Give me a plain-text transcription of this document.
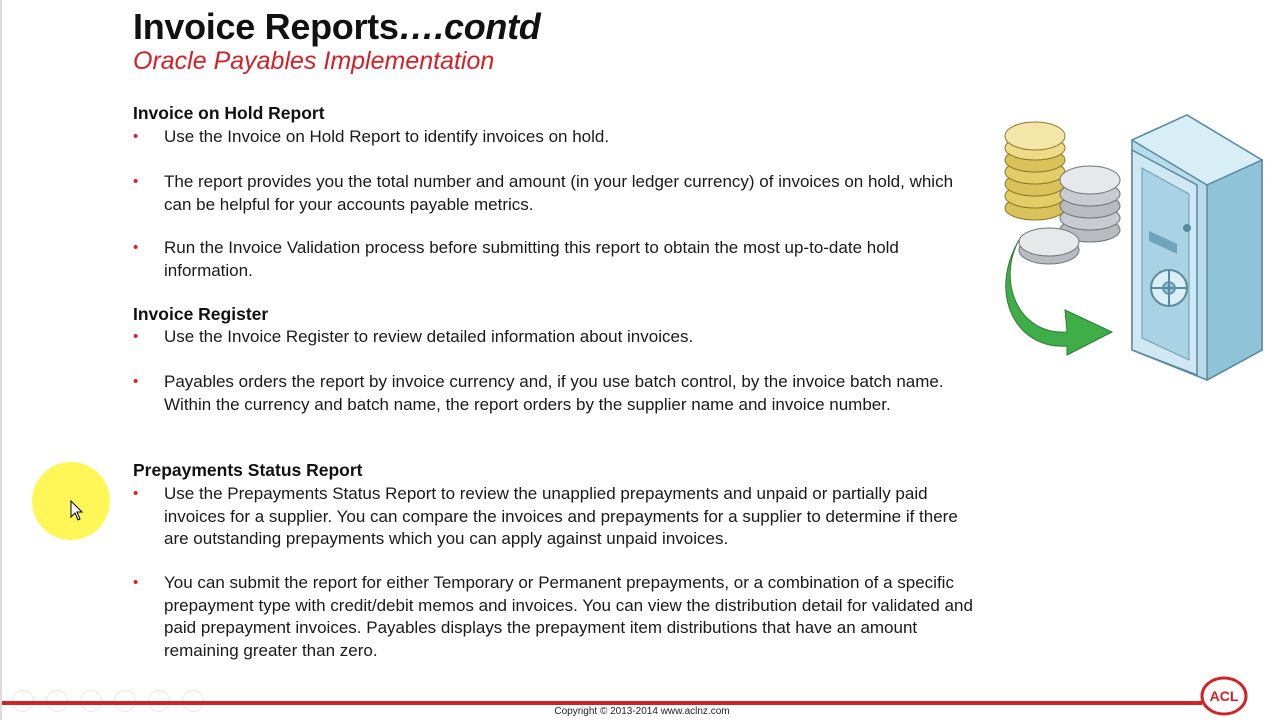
Invoice Reports….contd
Oracle Payables Implementation
Invoice on Hold Report
•	Use the Invoice on Hold Report to identify invoices on hold.
•	The report provides you the total number and amount (in your ledger currency) of invoices on hold, which can be helpful for your accounts payable metrics.
•	Run the Invoice Validation process before submitting this report to obtain the most up-to-date hold information.
Invoice Register
•	Use the Invoice Register to review detailed information about invoices.
•	Payables orders the report by invoice currency and, if you use batch control, by the invoice batch name. Within the currency and batch name, the report orders by the supplier name and invoice number.
Prepayments Status Report
•	Use the Prepayments Status Report to review the unapplied prepayments and unpaid or partially paid invoices for a supplier. You can compare the invoices and prepayments for a supplier to determine if there are outstanding prepayments which you can apply against unpaid invoices.
•	You can submit the report for either Temporary or Permanent prepayments, or a combination of a specific prepayment type with credit/debit memos and invoices. You can view the distribution detail for validated and paid prepayment invoices. Payables displays the prepayment item distributions that have an amount remaining greater than zero.
Copyright © 2013-2014 www.aclnz.com
ACL
